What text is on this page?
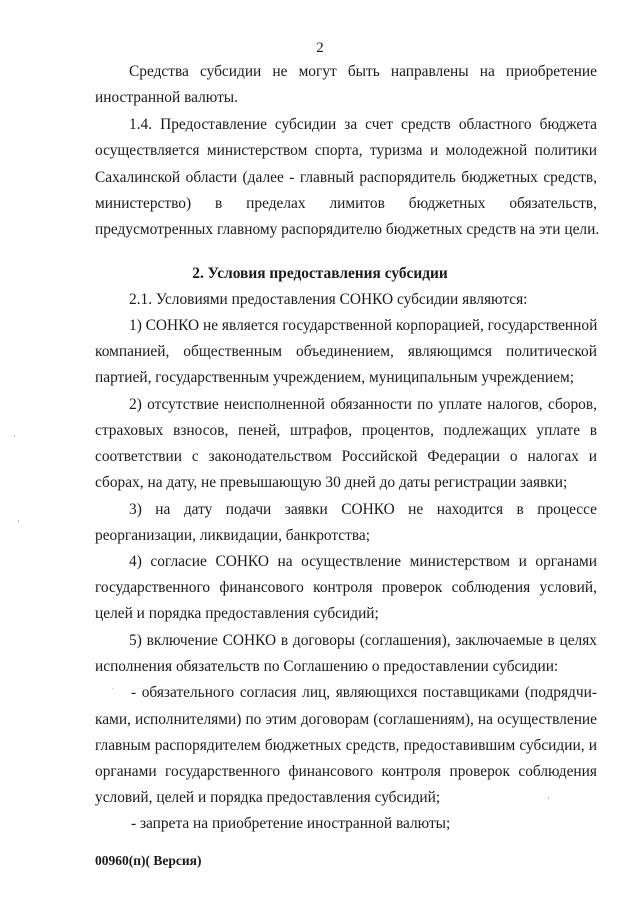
2
Средства субсидии не могут быть направлены на приобретение
иностранной валюты.
1.4. Предоставление субсидии за счет средств областного бюджета
осуществляется министерством спорта, туризма и молодежной политики
Сахалинской области (далее - главный распорядитель бюджетных средств,
министерство) в пределах лимитов бюджетных обязательств,
предусмотренных главному распорядителю бюджетных средств на эти цели.
2. Условия предоставления субсидии
2.1. Условиями предоставления СОНКО субсидии являются:
1) СОНКО не является государственной корпорацией, государственной
компанией, общественным объединением, являющимся политической
партией, государственным учреждением, муниципальным учреждением;
2) отсутствие неисполненной обязанности по уплате налогов, сборов,
страховых взносов, пеней, штрафов, процентов, подлежащих уплате в
соответствии с законодательством Российской Федерации о налогах и
сборах, на дату, не превышающую 30 дней до даты регистрации заявки;
3) на дату подачи заявки СОНКО не находится в процессе
реорганизации, ликвидации, банкротства;
4) согласие СОНКО на осуществление министерством и органами
государственного финансового контроля проверок соблюдения условий,
целей и порядка предоставления субсидий;
5) включение СОНКО в договоры (соглашения), заключаемые в целях
исполнения обязательств по Соглашению о предоставлении субсидии:
- обязательного согласия лиц, являющихся поставщиками (подрядчи-
ками, исполнителями) по этим договорам (соглашениям), на осуществление
главным распорядителем бюджетных средств, предоставившим субсидии, и
органами государственного финансового контроля проверок соблюдения
условий, целей и порядка предоставления субсидий;
- запрета на приобретение иностранной валюты;
00960(п)( Версия)
